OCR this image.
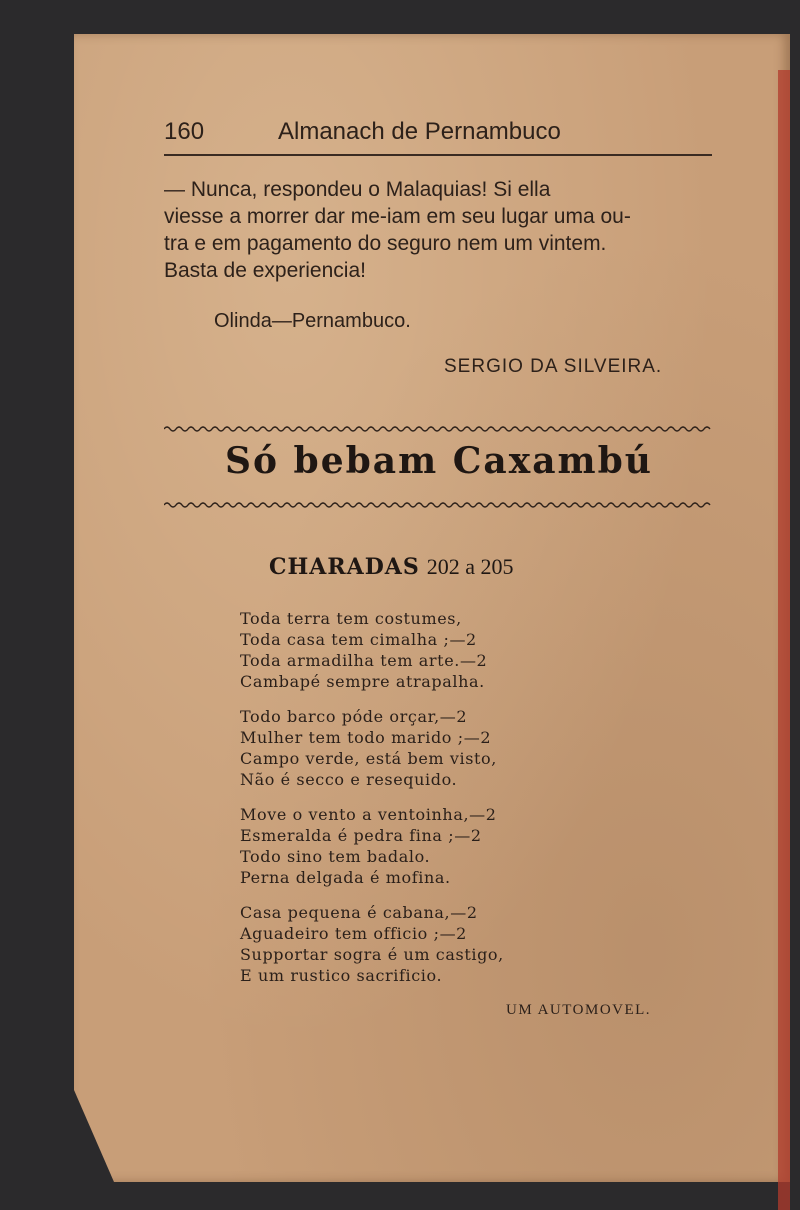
160	Almanach de Pernambuco
— Nunca, respondeu o Malaquias! Si ella
viesse a morrer dar me-iam em seu lugar uma ou-
tra e em pagamento do seguro nem um vintem.
Basta de experiencia!
Olinda—Pernambuco.
SERGIO DA SILVEIRA.
Só bebam Caxambú
CHARADAS 202 a 205
Toda terra tem costumes,
Toda casa tem cimalha ;—2
Toda armadilha tem arte.—2
Cambapé sempre atrapalha.
Todo barco póde orçar,—2
Mulher tem todo marido ;—2
Campo verde, está bem visto,
Não é secco e resequido.
Move o vento a ventoinha,—2
Esmeralda é pedra fina ;—2
Todo sino tem badalo.
Perna delgada é mofina.
Casa pequena é cabana,—2
Aguadeiro tem officio ;—2
Supportar sogra é um castigo,
E um rustico sacrificio.
UM AUTOMOVEL.
